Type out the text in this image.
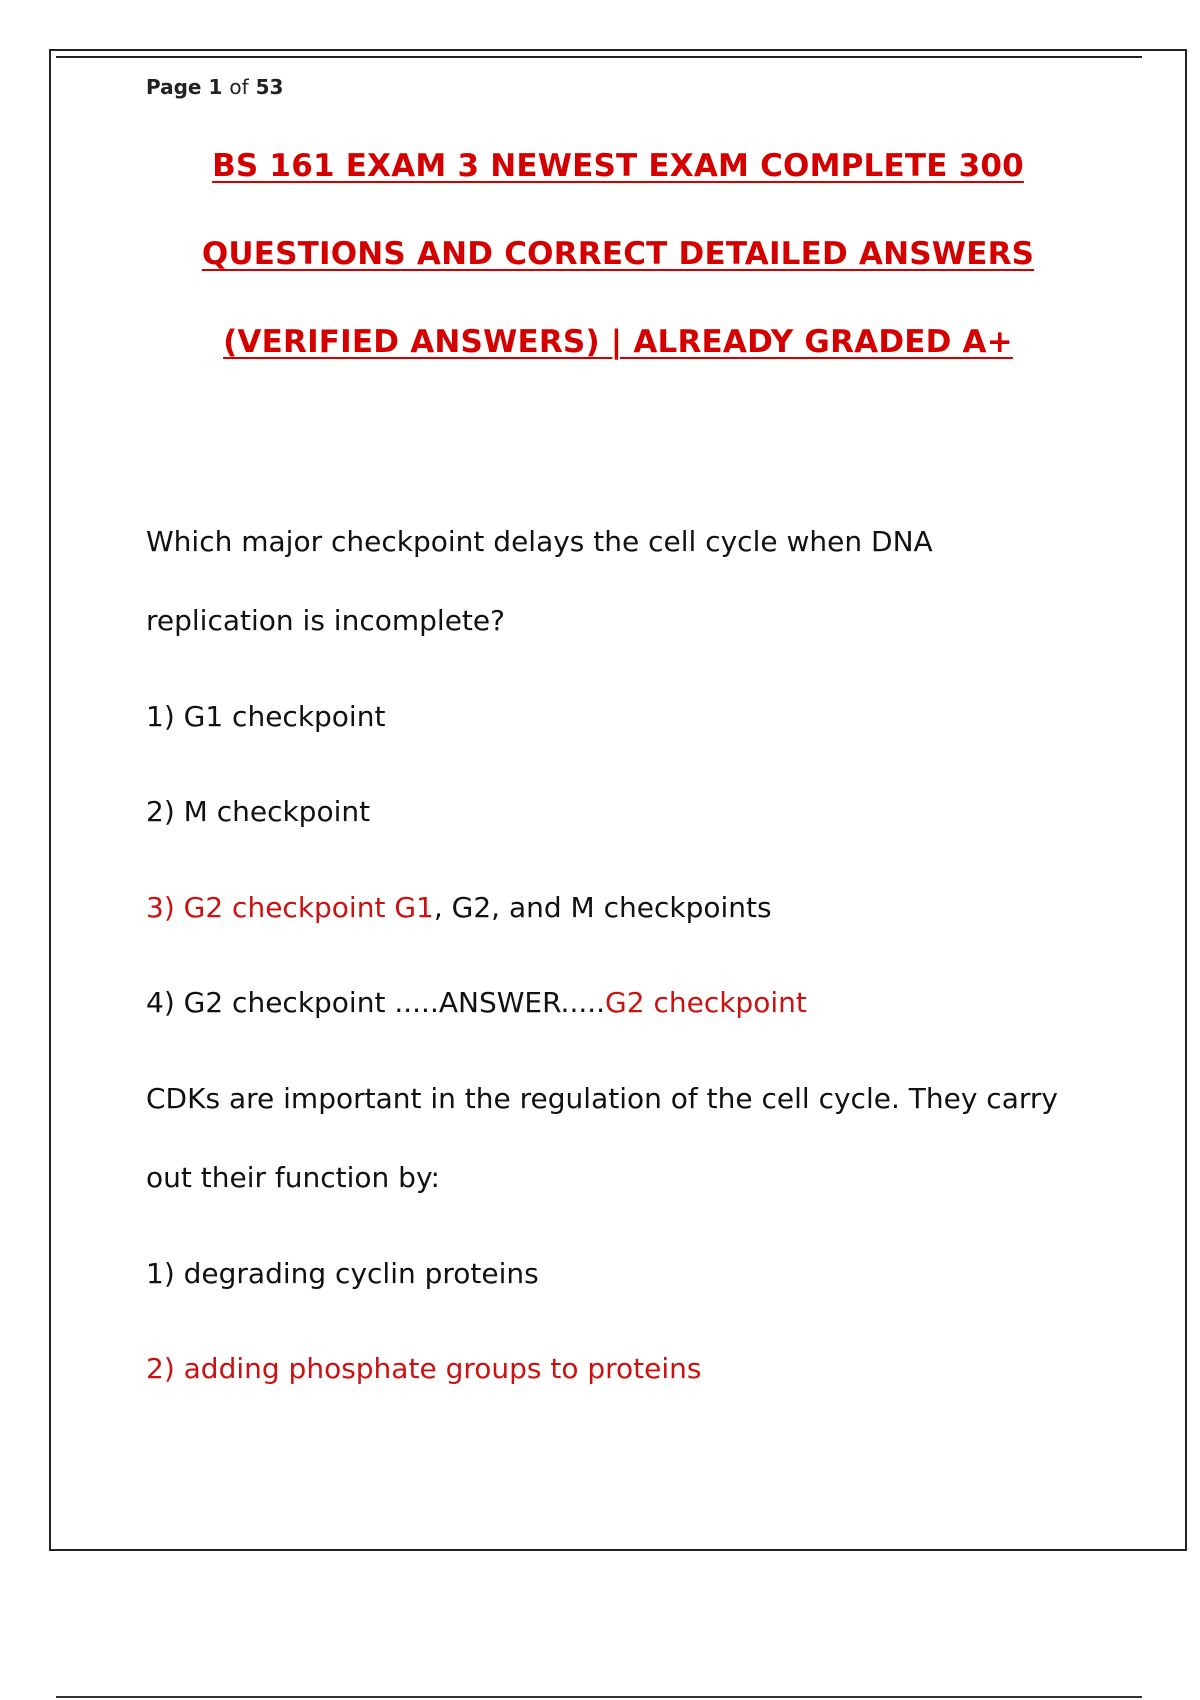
Page 1 of 53
BS 161 EXAM 3 NEWEST EXAM COMPLETE 300
QUESTIONS AND CORRECT DETAILED ANSWERS
(VERIFIED ANSWERS) | ALREADY GRADED A+
Which major checkpoint delays the cell cycle when DNA
replication is incomplete?
1) G1 checkpoint
2) M checkpoint
3) G2 checkpoint G1, G2, and M checkpoints
4) G2 checkpoint .....ANSWER.....G2 checkpoint
CDKs are important in the regulation of the cell cycle. They carry
out their function by:
1) degrading cyclin proteins
2) adding phosphate groups to proteins
